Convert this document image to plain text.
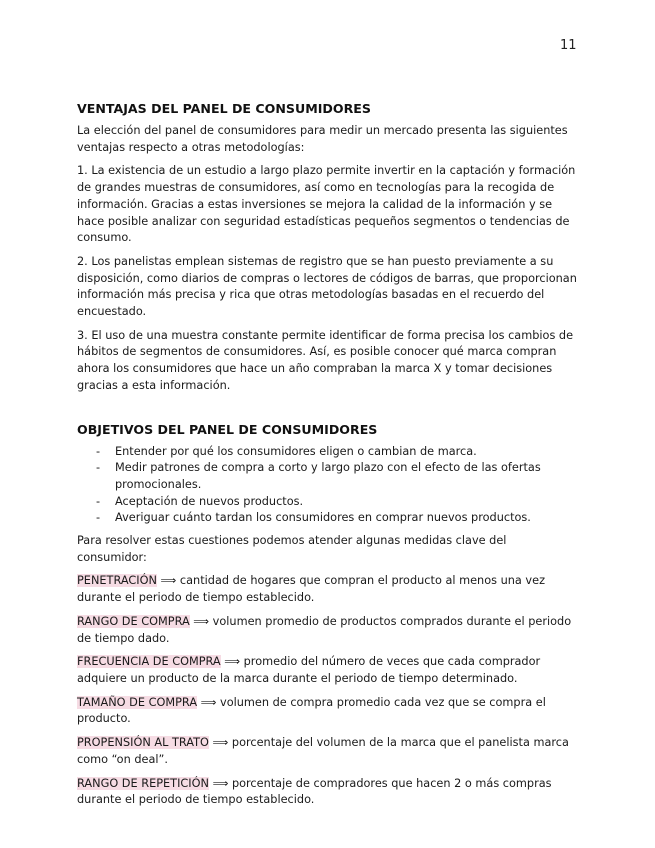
11
VENTAJAS DEL PANEL DE CONSUMIDORES

La elección del panel de consumidores para medir un mercado presenta las siguientes ventajas respecto a otras metodologías:

1. La existencia de un estudio a largo plazo permite invertir en la captación y formación de grandes muestras de consumidores, así como en tecnologías para la recogida de información. Gracias a estas inversiones se mejora la calidad de la información y se hace posible analizar con seguridad estadísticas pequeños segmentos o tendencias de consumo.

2. Los panelistas emplean sistemas de registro que se han puesto previamente a su disposición, como diarios de compras o lectores de códigos de barras, que proporcionan información más precisa y rica que otras metodologías basadas en el recuerdo del encuestado.

3. El uso de una muestra constante permite identificar de forma precisa los cambios de hábitos de segmentos de consumidores. Así, es posible conocer qué marca compran ahora los consumidores que hace un año compraban la marca X y tomar decisiones gracias a esta información.

OBJETIVOS DEL PANEL DE CONSUMIDORES
- Entender por qué los consumidores eligen o cambian de marca.
- Medir patrones de compra a corto y largo plazo con el efecto de las ofertas promocionales.
- Aceptación de nuevos productos.
- Averiguar cuánto tardan los consumidores en comprar nuevos productos.

Para resolver estas cuestiones podemos atender algunas medidas clave del consumidor:

PENETRACIÓN ⟹ cantidad de hogares que compran el producto al menos una vez durante el periodo de tiempo establecido.

RANGO DE COMPRA ⟹ volumen promedio de productos comprados durante el periodo de tiempo dado.

FRECUENCIA DE COMPRA ⟹ promedio del número de veces que cada comprador adquiere un producto de la marca durante el periodo de tiempo determinado.

TAMAÑO DE COMPRA ⟹ volumen de compra promedio cada vez que se compra el producto.

PROPENSIÓN AL TRATO ⟹ porcentaje del volumen de la marca que el panelista marca como “on deal”.

RANGO DE REPETICIÓN ⟹ porcentaje de compradores que hacen 2 o más compras durante el periodo de tiempo establecido.
